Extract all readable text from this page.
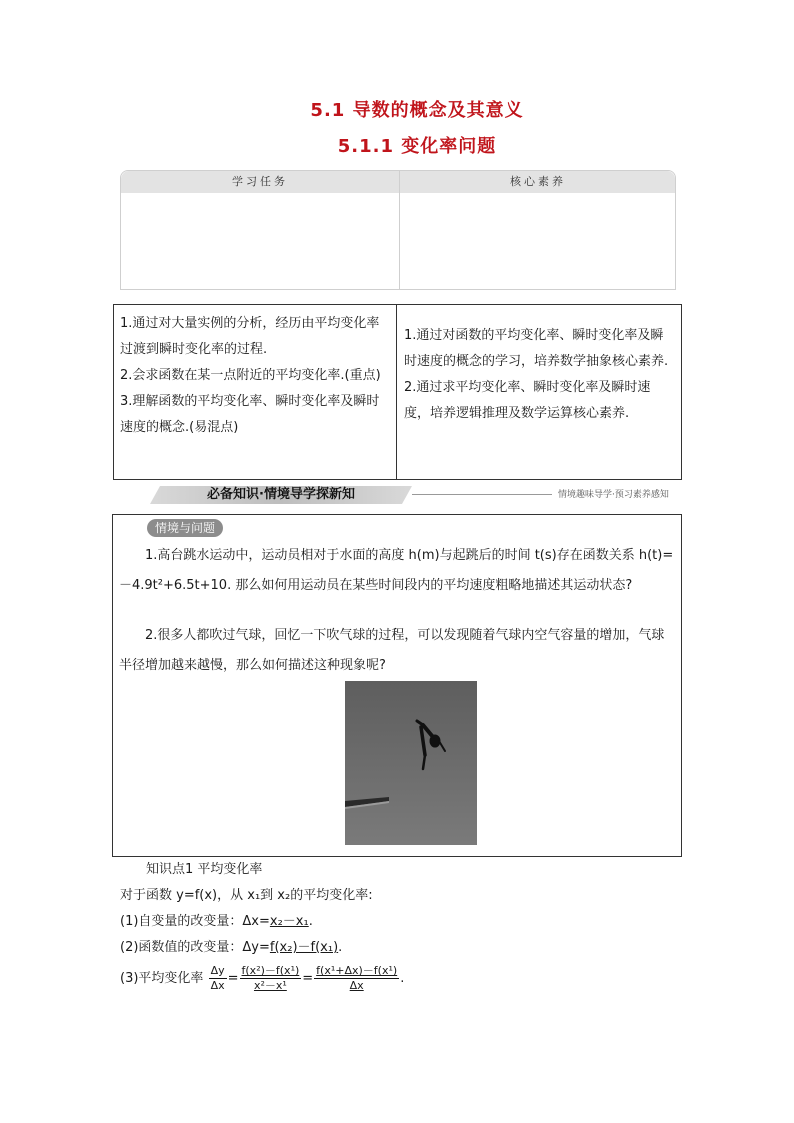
5.1 导数的概念及其意义
5.1.1 变化率问题
学习任务	核心素养
1.通过对大量实例的分析，经历由平均变化率过渡到瞬时变化率的过程.
2.会求函数在某一点附近的平均变化率.(重点)
3.理解函数的平均变化率、瞬时变化率及瞬时速度的概念.(易混点)
1.通过对函数的平均变化率、瞬时变化率及瞬时速度的概念的学习，培养数学抽象核心素养.
2.通过求平均变化率、瞬时变化率及瞬时速度，培养逻辑推理及数学运算核心素养.
必备知识·情境导学探新知	情境趣味导学·预习素养感知
情境与问题
1.高台跳水运动中，运动员相对于水面的高度 h(m)与起跳后的时间 t(s)存在函数关系 h(t)=－4.9t²+6.5t+10. 那么如何用运动员在某些时间段内的平均速度粗略地描述其运动状态?
2.很多人都吹过气球，回忆一下吹气球的过程，可以发现随着气球内空气容量的增加，气球半径增加越来越慢，那么如何描述这种现象呢?
知识点1 平均变化率
对于函数 y=f(x)，从 x₁到 x₂的平均变化率:
(1)自变量的改变量：Δx=x₂－x₁.
(2)函数值的改变量：Δy=f(x₂)－f(x₁).
(3)平均变化率 $\frac{\Delta y}{\Delta x} = \frac{\text{f(x²)－f(x¹)}}{\text{x²－x¹}} = \frac{\text{f(x¹+Δx)－f(x¹)}}{\Delta x}$ .
